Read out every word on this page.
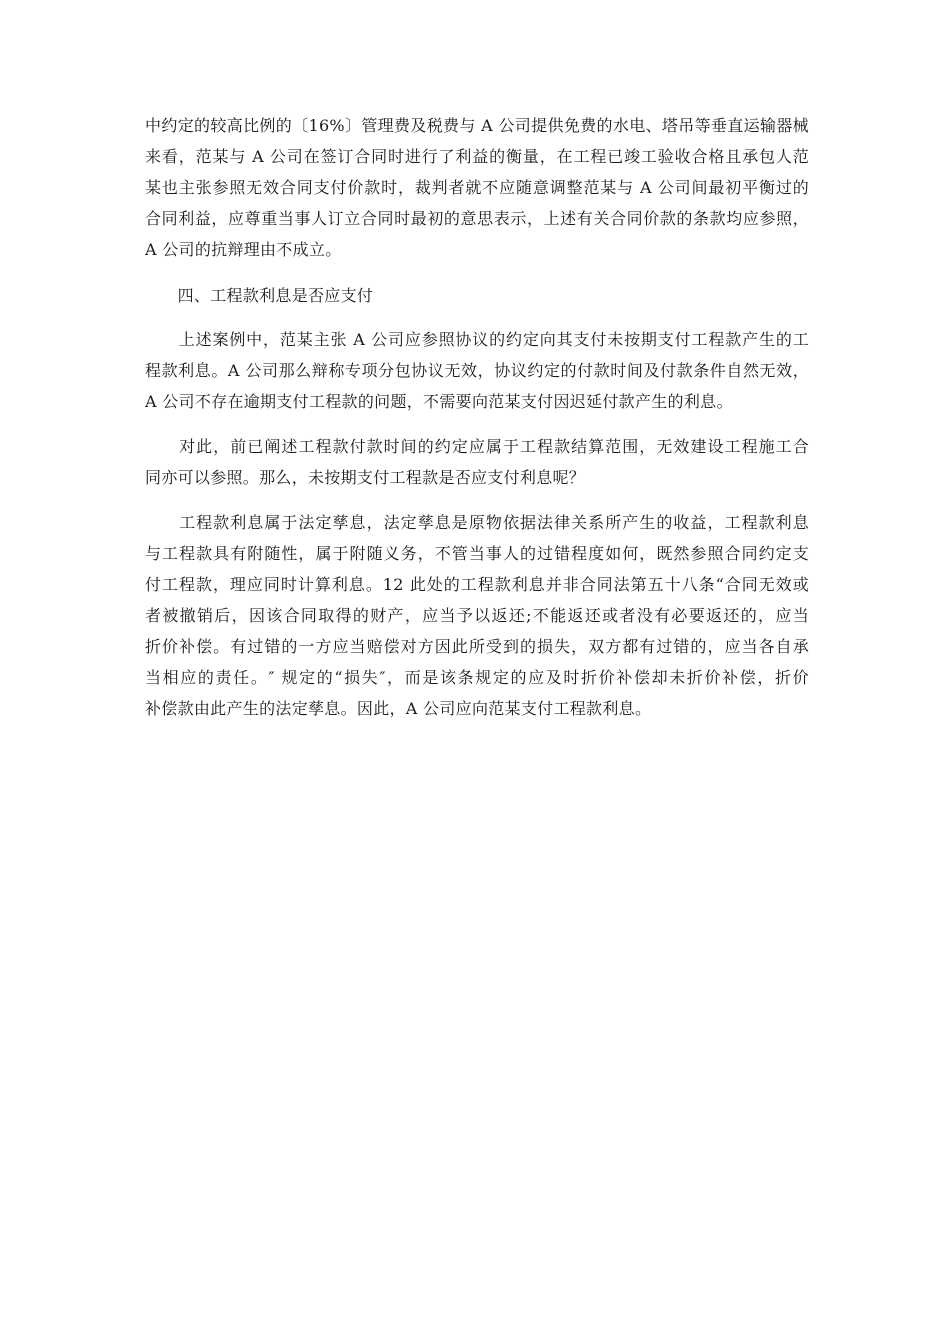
中约定的较高比例的〔16%〕管理费及税费与 A 公司提供免费的水电、塔吊等垂直运输器械
来看，范某与 A 公司在签订合同时进行了利益的衡量，在工程已竣工验收合格且承包人范
某也主张参照无效合同支付价款时，裁判者就不应随意调整范某与 A 公司间最初平衡过的
合同利益，应尊重当事人订立合同时最初的意思表示，上述有关合同价款的条款均应参照，
A 公司的抗辩理由不成立。
　　四、工程款利息是否应支付
　　上述案例中，范某主张 A 公司应参照协议的约定向其支付未按期支付工程款产生的工
程款利息。A 公司那么辩称专项分包协议无效，协议约定的付款时间及付款条件自然无效，
A 公司不存在逾期支付工程款的问题，不需要向范某支付因迟延付款产生的利息。
　　对此，前已阐述工程款付款时间的约定应属于工程款结算范围，无效建设工程施工合
同亦可以参照。那么，未按期支付工程款是否应支付利息呢？
　　工程款利息属于法定孳息，法定孳息是原物依据法律关系所产生的收益，工程款利息
与工程款具有附随性，属于附随义务，不管当事人的过错程度如何，既然参照合同约定支
付工程款，理应同时计算利息。12 此处的工程款利息并非合同法第五十八条“合同无效或
者被撤销后，因该合同取得的财产，应当予以返还;不能返还或者没有必要返还的，应当
折价补偿。有过错的一方应当赔偿对方因此所受到的损失，双方都有过错的，应当各自承
当相应的责任。″ 规定的“损失″，而是该条规定的应及时折价补偿却未折价补偿，折价
补偿款由此产生的法定孳息。因此，A 公司应向范某支付工程款利息。
